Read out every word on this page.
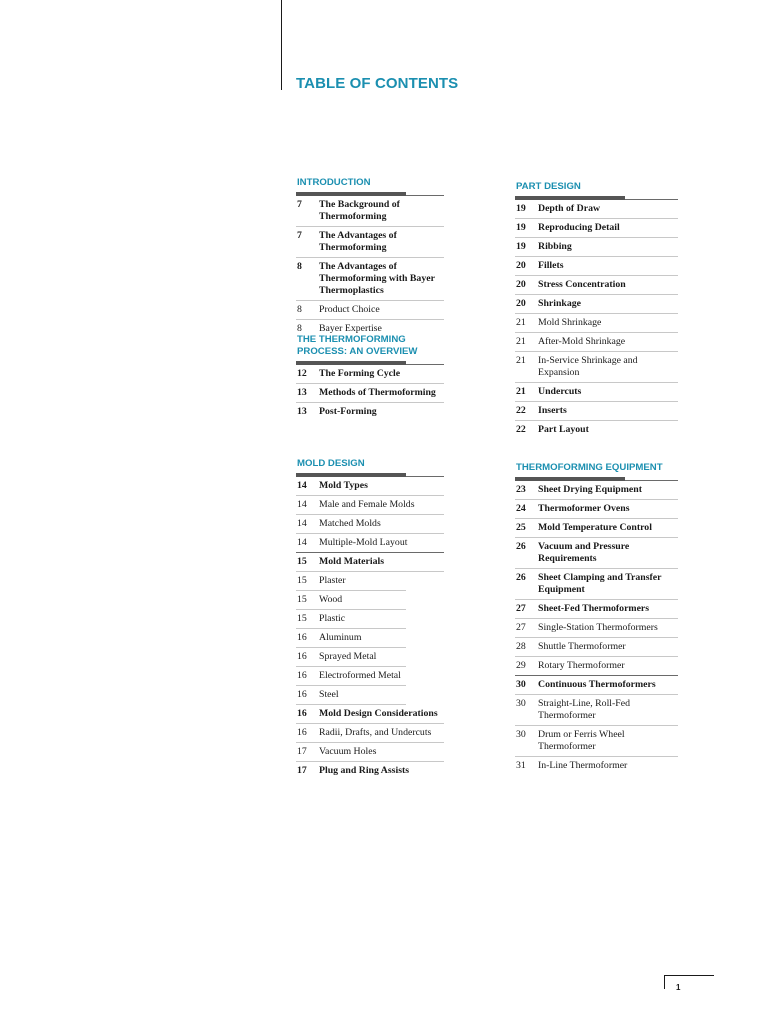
TABLE OF CONTENTS
INTRODUCTION
7	The Background of Thermoforming
7	The Advantages of Thermoforming
8	The Advantages of Thermoforming with Bayer Thermoplastics
8	Product Choice
8	Bayer Expertise
THE THERMOFORMING PROCESS: AN OVERVIEW
12	The Forming Cycle
13	Methods of Thermoforming
13	Post-Forming
MOLD DESIGN
14	Mold Types
14	Male and Female Molds
14	Matched Molds
14	Multiple-Mold Layout
15	Mold Materials
15	Plaster
15	Wood
15	Plastic
16	Aluminum
16	Sprayed Metal
16	Electroformed Metal
16	Steel
16	Mold Design Considerations
16	Radii, Drafts, and Undercuts
17	Vacuum Holes
17	Plug and Ring Assists
PART DESIGN
19	Depth of Draw
19	Reproducing Detail
19	Ribbing
20	Fillets
20	Stress Concentration
20	Shrinkage
21	Mold Shrinkage
21	After-Mold Shrinkage
21	In-Service Shrinkage and Expansion
21	Undercuts
22	Inserts
22	Part Layout
THERMOFORMING EQUIPMENT
23	Sheet Drying Equipment
24	Thermoformer Ovens
25	Mold Temperature Control
26	Vacuum and Pressure Requirements
26	Sheet Clamping and Transfer Equipment
27	Sheet-Fed Thermoformers
27	Single-Station Thermoformers
28	Shuttle Thermoformer
29	Rotary Thermoformer
30	Continuous Thermoformers
30	Straight-Line, Roll-Fed Thermoformer
30	Drum or Ferris Wheel Thermoformer
31	In-Line Thermoformer
1
